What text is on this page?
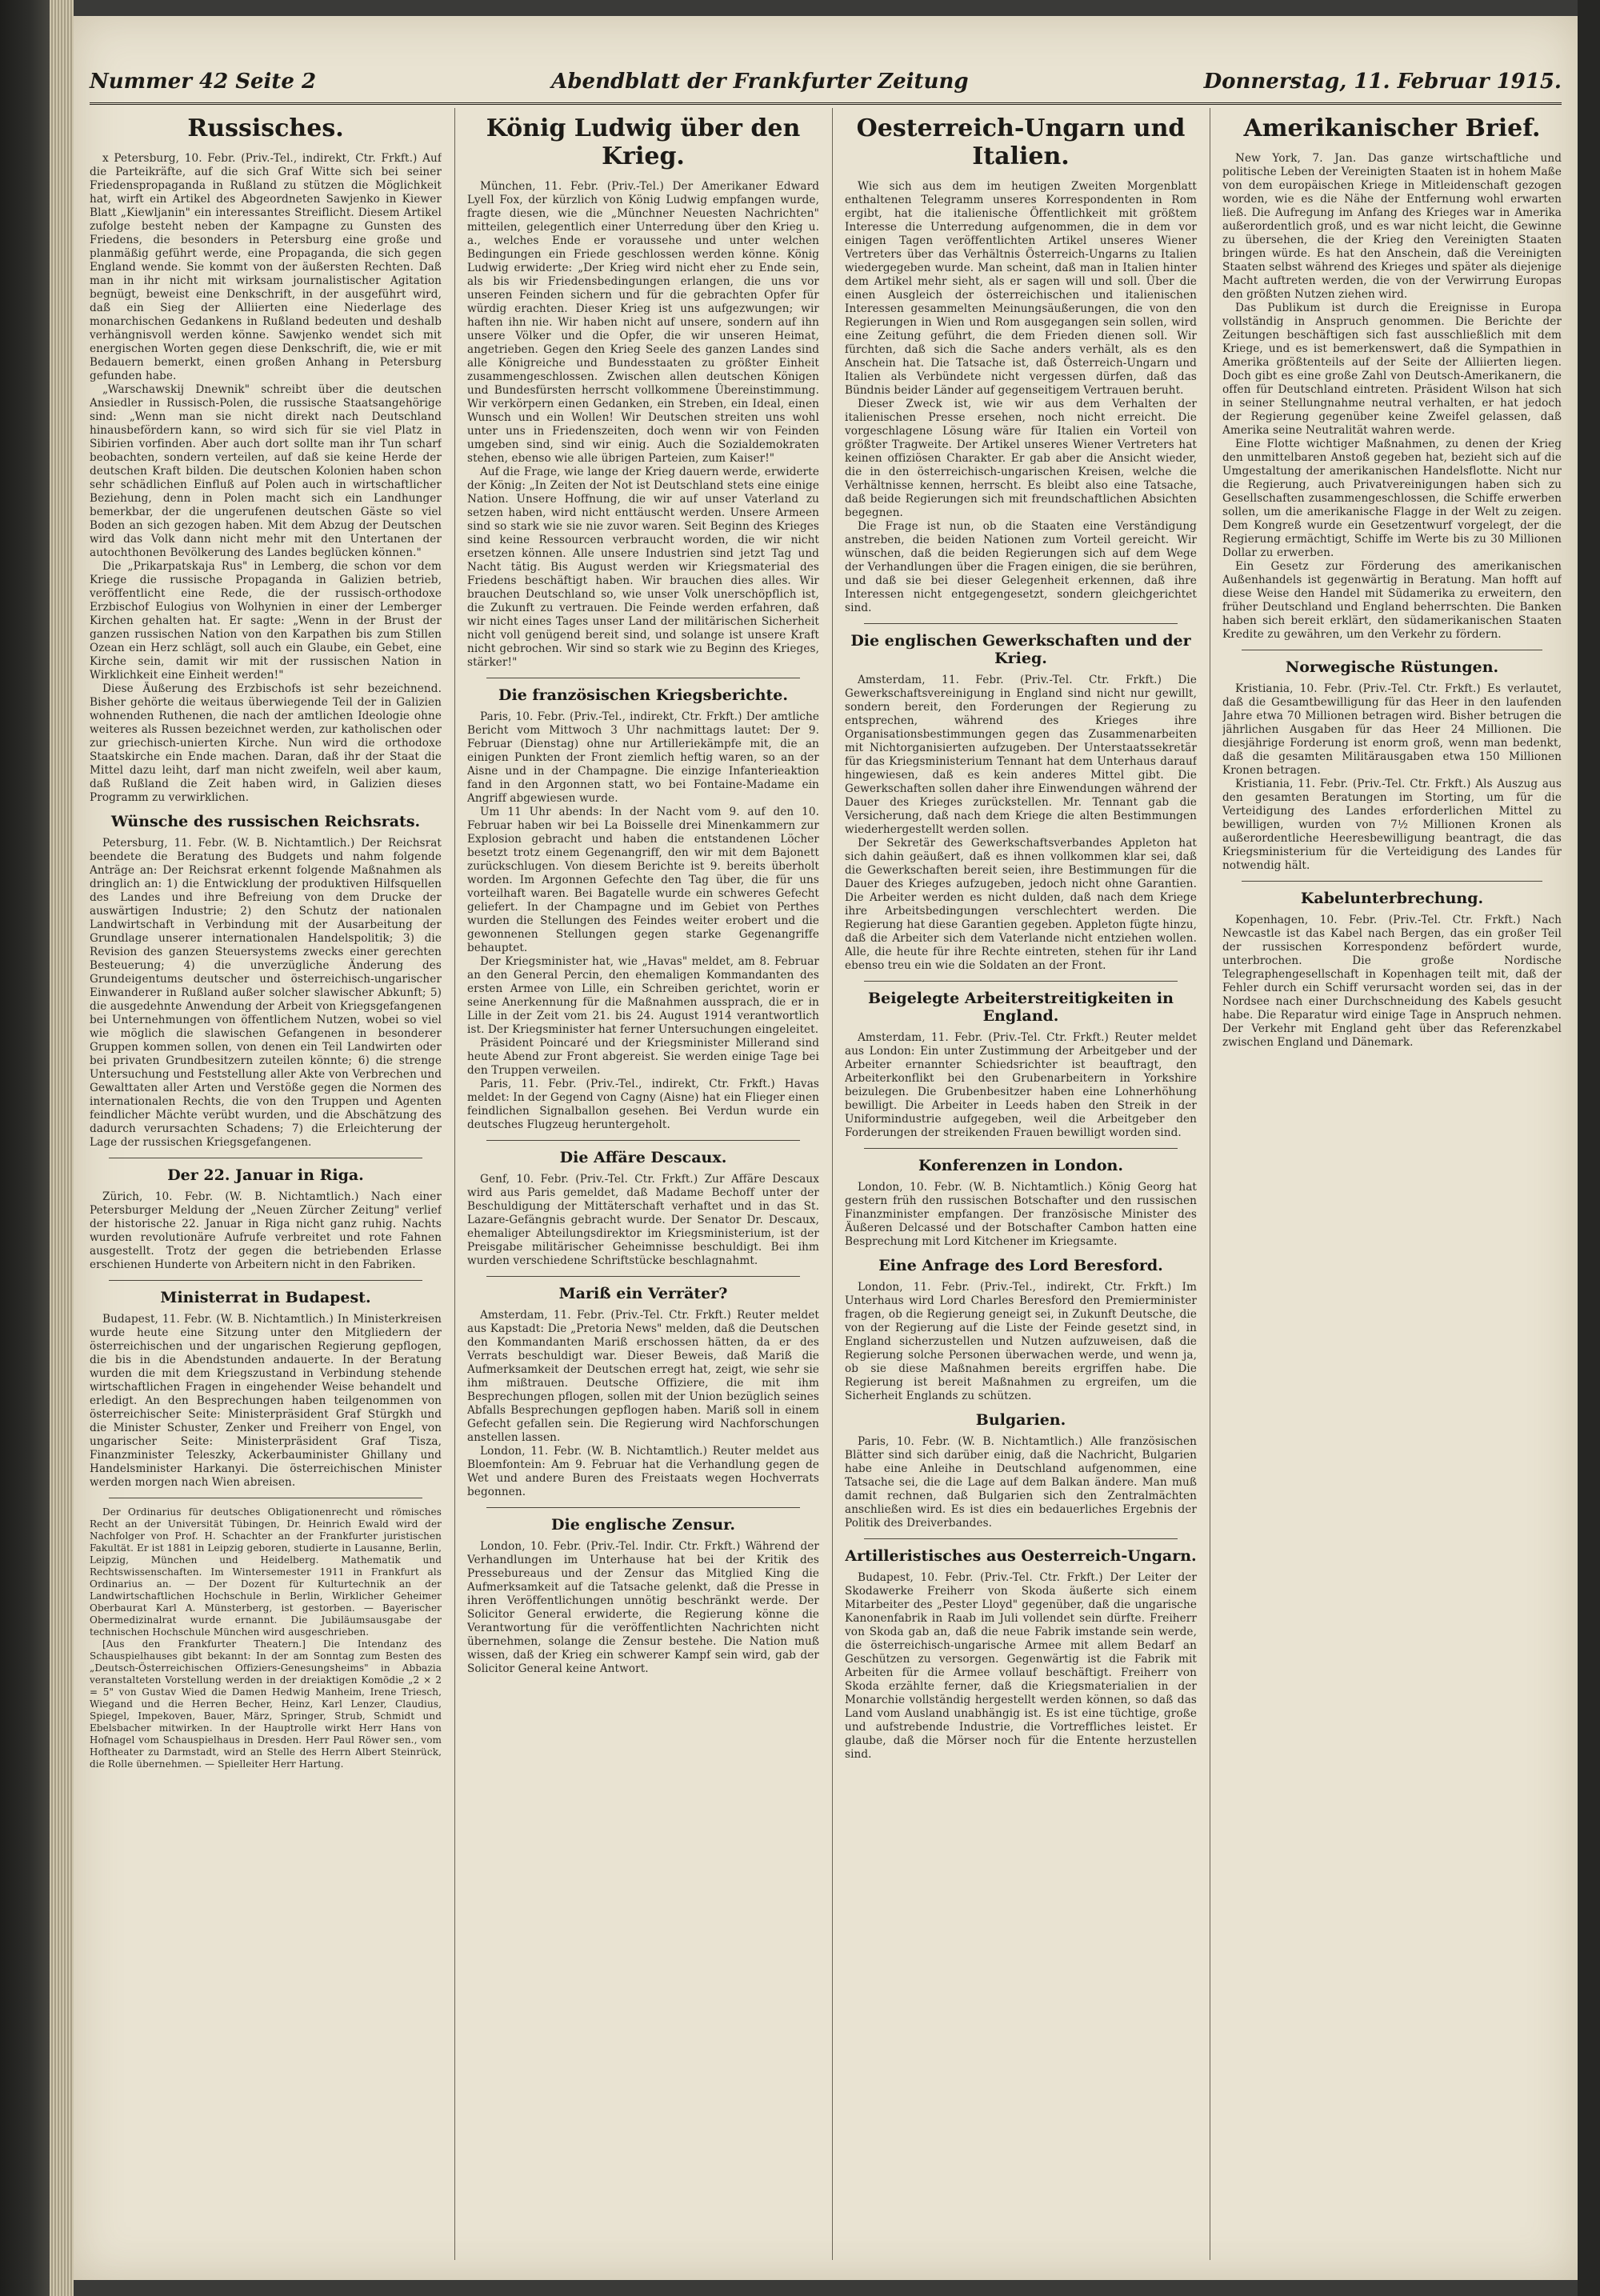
Nummer 42 Seite 2	Abendblatt der Frankfurter Zeitung	Donnerstag, 11. Februar 1915.
Russisches.

x Petersburg, 10. Febr. (Priv.-Tel., indirekt, Ctr. Frkft.) Auf die Parteikräfte, auf die sich Graf Witte sich bei seiner Friedenspropaganda in Rußland zu stützen die Möglichkeit hat, wirft ein Artikel des Abgeordneten Sawjenko in Kiewer Blatt „Kiewljanin" ein interessantes Streiflicht. Diesem Artikel zufolge besteht neben der Kampagne zu Gunsten des Friedens, die besonders in Petersburg eine große und planmäßig geführt werde, eine Propaganda, die sich gegen England wende. Sie kommt von der äußersten Rechten. Daß man in ihr nicht mit wirksam journalistischer Agitation begnügt, beweist eine Denkschrift, in der ausgeführt wird, daß ein Sieg der Alliierten eine Niederlage des monarchischen Gedankens in Rußland bedeuten und deshalb verhängnisvoll werden könne. Sawjenko wendet sich mit energischen Worten gegen diese Denkschrift, die, wie er mit Bedauern bemerkt, einen großen Anhang in Petersburg gefunden habe.

„Warschawskij Dnewnik" schreibt über die deutschen Ansiedler in Russisch-Polen, die russische Staatsangehörige sind: „Wenn man sie nicht direkt nach Deutschland hinausbefördern kann, so wird sich für sie viel Platz in Sibirien vorfinden. Aber auch dort sollte man ihr Tun scharf beobachten, sondern verteilen, auf daß sie keine Herde der deutschen Kraft bilden. Die deutschen Kolonien haben schon sehr schädlichen Einfluß auf Polen auch in wirtschaftlicher Beziehung, denn in Polen macht sich ein Landhunger bemerkbar, der die ungerufenen deutschen Gäste so viel Boden an sich gezogen haben. Mit dem Abzug der Deutschen wird das Volk dann nicht mehr mit den Untertanen der autochthonen Bevölkerung des Landes beglücken können."

Die „Prikarpatskaja Rus" in Lemberg, die schon vor dem Kriege die russische Propaganda in Galizien betrieb, veröffentlicht eine Rede, die der russisch-orthodoxe Erzbischof Eulogius von Wolhynien in einer der Lemberger Kirchen gehalten hat. Er sagte: „Wenn in der Brust der ganzen russischen Nation von den Karpathen bis zum Stillen Ozean ein Herz schlägt, soll auch ein Glaube, ein Gebet, eine Kirche sein, damit wir mit der russischen Nation in Wirklichkeit eine Einheit werden!"

Diese Äußerung des Erzbischofs ist sehr bezeichnend. Bisher gehörte die weitaus überwiegende Teil der in Galizien wohnenden Ruthenen, die nach der amtlichen Ideologie ohne weiteres als Russen bezeichnet werden, zur katholischen oder zur griechisch-unierten Kirche. Nun wird die orthodoxe Staatskirche ein Ende machen. Daran, daß ihr der Staat die Mittel dazu leiht, darf man nicht zweifeln, weil aber kaum, daß Rußland die Zeit haben wird, in Galizien dieses Programm zu verwirklichen.

Wünsche des russischen Reichsrats.

Petersburg, 11. Febr. (W. B. Nichtamtlich.) Der Reichsrat beendete die Beratung des Budgets und nahm folgende Anträge an: Der Reichsrat erkennt folgende Maßnahmen als dringlich an: 1) die Entwicklung der produktiven Hilfsquellen des Landes und ihre Befreiung von dem Drucke der auswärtigen Industrie; 2) den Schutz der nationalen Landwirtschaft in Verbindung mit der Ausarbeitung der Grundlage unserer internationalen Handelspolitik; 3) die Revision des ganzen Steuersystems zwecks einer gerechten Besteuerung; 4) die unverzügliche Änderung des Grundeigentums deutscher und österreichisch-ungarischer Einwanderer in Rußland außer solcher slawischer Abkunft; 5) die ausgedehnte Anwendung der Arbeit von Kriegsgefangenen bei Unternehmungen von öffentlichem Nutzen, wobei so viel wie möglich die slawischen Gefangenen in besonderer Gruppen kommen sollen, von denen ein Teil Landwirten oder bei privaten Grundbesitzern zuteilen könnte; 6) die strenge Untersuchung und Feststellung aller Akte von Verbrechen und Gewalttaten aller Arten und Verstöße gegen die Normen des internationalen Rechts, die von den Truppen und Agenten feindlicher Mächte verübt wurden, und die Abschätzung des dadurch verursachten Schadens; 7) die Erleichterung der Lage der russischen Kriegsgefangenen.

Der 22. Januar in Riga.

Zürich, 10. Febr. (W. B. Nichtamtlich.) Nach einer Petersburger Meldung der „Neuen Zürcher Zeitung" verlief der historische 22. Januar in Riga nicht ganz ruhig. Nachts wurden revolutionäre Aufrufe verbreitet und rote Fahnen ausgestellt. Trotz der gegen die betriebenden Erlasse erschienen Hunderte von Arbeitern nicht in den Fabriken.

Ministerrat in Budapest.

Budapest, 11. Febr. (W. B. Nichtamtlich.) In Ministerkreisen wurde heute eine Sitzung unter den Mitgliedern der österreichischen und der ungarischen Regierung gepflogen, die bis in die Abendstunden andauerte. In der Beratung wurden die mit dem Kriegszustand in Verbindung stehende wirtschaftlichen Fragen in eingehender Weise behandelt und erledigt. An den Besprechungen haben teilgenommen von österreichischer Seite: Ministerpräsident Graf Stürgkh und die Minister Schuster, Zenker und Freiherr von Engel, von ungarischer Seite: Ministerpräsident Graf Tisza, Finanzminister Teleszky, Ackerbauminister Ghillany und Handelsminister Harkanyi. Die österreichischen Minister werden morgen nach Wien abreisen.

Der Ordinarius für deutsches Obligationenrecht und römisches Recht an der Universität Tübingen, Dr. Heinrich Ewald wird der Nachfolger von Prof. H. Schachter an der Frankfurter juristischen Fakultät. Er ist 1881 in Leipzig geboren, studierte in Lausanne, Berlin, Leipzig, München und Heidelberg. Mathematik und Rechtswissenschaften. Im Wintersemester 1911 in Frankfurt als Ordinarius an. — Der Dozent für Kulturtechnik an der Landwirtschaftlichen Hochschule in Berlin, Wirklicher Geheimer Oberbaurat Karl A. Münsterberg, ist gestorben. — Bayerischer Obermedizinalrat wurde ernannt. Die Jubiläumsausgabe der technischen Hochschule München wird ausgeschrieben.

[Aus den Frankfurter Theatern.] Die Intendanz des Schauspielhauses gibt bekannt: In der am Sonntag zum Besten des „Deutsch-Österreichischen Offiziers-Genesungsheims" in Abbazia veranstalteten Vorstellung werden in der dreiaktigen Komödie „2 × 2 = 5" von Gustav Wied die Damen Hedwig Manheim, Irene Triesch, Wiegand und die Herren Becher, Heinz, Karl Lenzer, Claudius, Spiegel, Impekoven, Bauer, März, Springer, Strub, Schmidt und Ebelsbacher mitwirken. In der Hauptrolle wirkt Herr Hans von Hofnagel vom Schauspielhaus in Dresden. Herr Paul Röwer sen., vom Hoftheater zu Darmstadt, wird an Stelle des Herrn Albert Steinrück, die Rolle übernehmen. — Spielleiter Herr Hartung.

König Ludwig über den Krieg.

München, 11. Febr. (Priv.-Tel.) Der Amerikaner Edward Lyell Fox, der kürzlich von König Ludwig empfangen wurde, fragte diesen, wie die „Münchner Neuesten Nachrichten" mitteilen, gelegentlich einer Unterredung über den Krieg u. a., welches Ende er voraussehe und unter welchen Bedingungen ein Friede geschlossen werden könne. König Ludwig erwiderte: „Der Krieg wird nicht eher zu Ende sein, als bis wir Friedensbedingungen erlangen, die uns vor unseren Feinden sichern und für die gebrachten Opfer für würdig erachten. Dieser Krieg ist uns aufgezwungen; wir haften ihn nie. Wir haben nicht auf unsere, sondern auf ihn unsere Völker und die Opfer, die wir unseren Heimat, angetrieben. Gegen den Krieg Seele des ganzen Landes sind alle Königreiche und Bundesstaaten zu größter Einheit zusammengeschlossen. Zwischen allen deutschen Königen und Bundesfürsten herrscht vollkommene Übereinstimmung. Wir verkörpern einen Gedanken, ein Streben, ein Ideal, einen Wunsch und ein Wollen! Wir Deutschen streiten uns wohl unter uns in Friedenszeiten, doch wenn wir von Feinden umgeben sind, sind wir einig. Auch die Sozialdemokraten stehen, ebenso wie alle übrigen Parteien, zum Kaiser!"

Auf die Frage, wie lange der Krieg dauern werde, erwiderte der König: „In Zeiten der Not ist Deutschland stets eine einige Nation. Unsere Hoffnung, die wir auf unser Vaterland zu setzen haben, wird nicht enttäuscht werden. Unsere Armeen sind so stark wie sie nie zuvor waren. Seit Beginn des Krieges sind keine Ressourcen verbraucht worden, die wir nicht ersetzen können. Alle unsere Industrien sind jetzt Tag und Nacht tätig. Bis August werden wir Kriegsmaterial des Friedens beschäftigt haben. Wir brauchen dies alles. Wir brauchen Deutschland so, wie unser Volk unerschöpflich ist, die Zukunft zu vertrauen. Die Feinde werden erfahren, daß wir nicht eines Tages unser Land der militärischen Sicherheit nicht voll genügend bereit sind, und solange ist unsere Kraft nicht gebrochen. Wir sind so stark wie zu Beginn des Krieges, stärker!"

Die französischen Kriegsberichte.

Paris, 10. Febr. (Priv.-Tel., indirekt, Ctr. Frkft.) Der amtliche Bericht vom Mittwoch 3 Uhr nachmittags lautet: Der 9. Februar (Dienstag) ohne nur Artilleriekämpfe mit, die an einigen Punkten der Front ziemlich heftig waren, so an der Aisne und in der Champagne. Die einzige Infanterieaktion fand in den Argonnen statt, wo bei Fontaine-Madame ein Angriff abgewiesen wurde.

Um 11 Uhr abends: In der Nacht vom 9. auf den 10. Februar haben wir bei La Boisselle drei Minenkammern zur Explosion gebracht und haben die entstandenen Löcher besetzt trotz einem Gegenangriff, den wir mit dem Bajonett zurückschlugen. Von diesem Berichte ist 9. bereits überholt worden. Im Argonnen Gefechte den Tag über, die für uns vorteilhaft waren. Bei Bagatelle wurde ein schweres Gefecht geliefert. In der Champagne und im Gebiet von Perthes wurden die Stellungen des Feindes weiter erobert und die gewonnenen Stellungen gegen starke Gegenangriffe behauptet.

Der Kriegsminister hat, wie „Havas" meldet, am 8. Februar an den General Percin, den ehemaligen Kommandanten des ersten Armee von Lille, ein Schreiben gerichtet, worin er seine Anerkennung für die Maßnahmen aussprach, die er in Lille in der Zeit vom 21. bis 24. August 1914 verantwortlich ist. Der Kriegsminister hat ferner Untersuchungen eingeleitet.

Präsident Poincaré und der Kriegsminister Millerand sind heute Abend zur Front abgereist. Sie werden einige Tage bei den Truppen verweilen.

Paris, 11. Febr. (Priv.-Tel., indirekt, Ctr. Frkft.) Havas meldet: In der Gegend von Cagny (Aisne) hat ein Flieger einen feindlichen Signalballon gesehen. Bei Verdun wurde ein deutsches Flugzeug heruntergeholt.

Die Affäre Descaux.

Genf, 10. Febr. (Priv.-Tel. Ctr. Frkft.) Zur Affäre Descaux wird aus Paris gemeldet, daß Madame Bechoff unter der Beschuldigung der Mittäterschaft verhaftet und in das St. Lazare-Gefängnis gebracht wurde. Der Senator Dr. Descaux, ehemaliger Abteilungsdirektor im Kriegsministerium, ist der Preisgabe militärischer Geheimnisse beschuldigt. Bei ihm wurden verschiedene Schriftstücke beschlagnahmt.

Mariß ein Verräter?

Amsterdam, 11. Febr. (Priv.-Tel. Ctr. Frkft.) Reuter meldet aus Kapstadt: Die „Pretoria News" melden, daß die Deutschen den Kommandanten Mariß erschossen hätten, da er des Verrats beschuldigt war. Dieser Beweis, daß Mariß die Aufmerksamkeit der Deutschen erregt hat, zeigt, wie sehr sie ihm mißtrauen. Deutsche Offiziere, die mit ihm Besprechungen pflogen, sollen mit der Union bezüglich seines Abfalls Besprechungen gepflogen haben. Mariß soll in einem Gefecht gefallen sein. Die Regierung wird Nachforschungen anstellen lassen.

London, 11. Febr. (W. B. Nichtamtlich.) Reuter meldet aus Bloemfontein: Am 9. Februar hat die Verhandlung gegen de Wet und andere Buren des Freistaats wegen Hochverrats begonnen.

Die englische Zensur.

London, 10. Febr. (Priv.-Tel. Indir. Ctr. Frkft.) Während der Verhandlungen im Unterhause hat bei der Kritik des Pressebureaus und der Zensur das Mitglied King die Aufmerksamkeit auf die Tatsache gelenkt, daß die Presse in ihren Veröffentlichungen unnötig beschränkt werde. Der Solicitor General erwiderte, die Regierung könne die Verantwortung für die veröffentlichten Nachrichten nicht übernehmen, solange die Zensur bestehe. Die Nation muß wissen, daß der Krieg ein schwerer Kampf sein wird, gab der Solicitor General keine Antwort.

Oesterreich-Ungarn und Italien.

Wie sich aus dem im heutigen Zweiten Morgenblatt enthaltenen Telegramm unseres Korrespondenten in Rom ergibt, hat die italienische Öffentlichkeit mit größtem Interesse die Unterredung aufgenommen, die in dem vor einigen Tagen veröffentlichten Artikel unseres Wiener Vertreters über das Verhältnis Österreich-Ungarns zu Italien wiedergegeben wurde. Man scheint, daß man in Italien hinter dem Artikel mehr sieht, als er sagen will und soll. Über die einen Ausgleich der österreichischen und italienischen Interessen gesammelten Meinungsäußerungen, die von den Regierungen in Wien und Rom ausgegangen sein sollen, wird eine Zeitung geführt, die dem Frieden dienen soll. Wir fürchten, daß sich die Sache anders verhält, als es den Anschein hat. Die Tatsache ist, daß Österreich-Ungarn und Italien als Verbündete nicht vergessen dürfen, daß das Bündnis beider Länder auf gegenseitigem Vertrauen beruht.

Dieser Zweck ist, wie wir aus dem Verhalten der italienischen Presse ersehen, noch nicht erreicht. Die vorgeschlagene Lösung wäre für Italien ein Vorteil von größter Tragweite. Der Artikel unseres Wiener Vertreters hat keinen offiziösen Charakter. Er gab aber die Ansicht wieder, die in den österreichisch-ungarischen Kreisen, welche die Verhältnisse kennen, herrscht. Es bleibt also eine Tatsache, daß beide Regierungen sich mit freundschaftlichen Absichten begegnen.

Die Frage ist nun, ob die Staaten eine Verständigung anstreben, die beiden Nationen zum Vorteil gereicht. Wir wünschen, daß die beiden Regierungen sich auf dem Wege der Verhandlungen über die Fragen einigen, die sie berühren, und daß sie bei dieser Gelegenheit erkennen, daß ihre Interessen nicht entgegengesetzt, sondern gleichgerichtet sind.

Die englischen Gewerkschaften und der Krieg.

Amsterdam, 11. Febr. (Priv.-Tel. Ctr. Frkft.) Die Gewerkschaftsvereinigung in England sind nicht nur gewillt, sondern bereit, den Forderungen der Regierung zu entsprechen, während des Krieges ihre Organisationsbestimmungen gegen das Zusammenarbeiten mit Nichtorganisierten aufzugeben. Der Unterstaatssekretär für das Kriegsministerium Tennant hat dem Unterhaus darauf hingewiesen, daß es kein anderes Mittel gibt. Die Gewerkschaften sollen daher ihre Einwendungen während der Dauer des Krieges zurückstellen. Mr. Tennant gab die Versicherung, daß nach dem Kriege die alten Bestimmungen wiederhergestellt werden sollen.

Der Sekretär des Gewerkschaftsverbandes Appleton hat sich dahin geäußert, daß es ihnen vollkommen klar sei, daß die Gewerkschaften bereit seien, ihre Bestimmungen für die Dauer des Krieges aufzugeben, jedoch nicht ohne Garantien. Die Arbeiter werden es nicht dulden, daß nach dem Kriege ihre Arbeitsbedingungen verschlechtert werden. Die Regierung hat diese Garantien gegeben. Appleton fügte hinzu, daß die Arbeiter sich dem Vaterlande nicht entziehen wollen. Alle, die heute für ihre Rechte eintreten, stehen für ihr Land ebenso treu ein wie die Soldaten an der Front.

Beigelegte Arbeiterstreitigkeiten in England.

Amsterdam, 11. Febr. (Priv.-Tel. Ctr. Frkft.) Reuter meldet aus London: Ein unter Zustimmung der Arbeitgeber und der Arbeiter ernannter Schiedsrichter ist beauftragt, den Arbeiterkonflikt bei den Grubenarbeitern in Yorkshire beizulegen. Die Grubenbesitzer haben eine Lohnerhöhung bewilligt. Die Arbeiter in Leeds haben den Streik in der Uniformindustrie aufgegeben, weil die Arbeitgeber den Forderungen der streikenden Frauen bewilligt worden sind.

Konferenzen in London.

London, 10. Febr. (W. B. Nichtamtlich.) König Georg hat gestern früh den russischen Botschafter und den russischen Finanzminister empfangen. Der französische Minister des Äußeren Delcassé und der Botschafter Cambon hatten eine Besprechung mit Lord Kitchener im Kriegsamte.

Eine Anfrage des Lord Beresford.

London, 11. Febr. (Priv.-Tel., indirekt, Ctr. Frkft.) Im Unterhaus wird Lord Charles Beresford den Premierminister fragen, ob die Regierung geneigt sei, in Zukunft Deutsche, die von der Regierung auf die Liste der Feinde gesetzt sind, in England sicherzustellen und Nutzen aufzuweisen, daß die Regierung solche Personen überwachen werde, und wenn ja, ob sie diese Maßnahmen bereits ergriffen habe. Die Regierung ist bereit Maßnahmen zu ergreifen, um die Sicherheit Englands zu schützen.

Bulgarien.

Paris, 10. Febr. (W. B. Nichtamtlich.) Alle französischen Blätter sind sich darüber einig, daß die Nachricht, Bulgarien habe eine Anleihe in Deutschland aufgenommen, eine Tatsache sei, die die Lage auf dem Balkan ändere. Man muß damit rechnen, daß Bulgarien sich den Zentralmächten anschließen wird. Es ist dies ein bedauerliches Ergebnis der Politik des Dreiverbandes.

Artilleristisches aus Oesterreich-Ungarn.

Budapest, 10. Febr. (Priv.-Tel. Ctr. Frkft.) Der Leiter der Skodawerke Freiherr von Skoda äußerte sich einem Mitarbeiter des „Pester Lloyd" gegenüber, daß die ungarische Kanonenfabrik in Raab im Juli vollendet sein dürfte. Freiherr von Skoda gab an, daß die neue Fabrik imstande sein werde, die österreichisch-ungarische Armee mit allem Bedarf an Geschützen zu versorgen. Gegenwärtig ist die Fabrik mit Arbeiten für die Armee vollauf beschäftigt. Freiherr von Skoda erzählte ferner, daß die Kriegsmaterialien in der Monarchie vollständig hergestellt werden können, so daß das Land vom Ausland unabhängig ist. Es ist eine tüchtige, große und aufstrebende Industrie, die Vortreffliches leistet. Er glaube, daß die Mörser noch für die Entente herzustellen sind.

Amerikanischer Brief.

New York, 7. Jan. Das ganze wirtschaftliche und politische Leben der Vereinigten Staaten ist in hohem Maße von dem europäischen Kriege in Mitleidenschaft gezogen worden, wie es die Nähe der Entfernung wohl erwarten ließ. Die Aufregung im Anfang des Krieges war in Amerika außerordentlich groß, und es war nicht leicht, die Gewinne zu übersehen, die der Krieg den Vereinigten Staaten bringen würde. Es hat den Anschein, daß die Vereinigten Staaten selbst während des Krieges und später als diejenige Macht auftreten werden, die von der Verwirrung Europas den größten Nutzen ziehen wird.

Das Publikum ist durch die Ereignisse in Europa vollständig in Anspruch genommen. Die Berichte der Zeitungen beschäftigen sich fast ausschließlich mit dem Kriege, und es ist bemerkenswert, daß die Sympathien in Amerika größtenteils auf der Seite der Alliierten liegen. Doch gibt es eine große Zahl von Deutsch-Amerikanern, die offen für Deutschland eintreten. Präsident Wilson hat sich in seiner Stellungnahme neutral verhalten, er hat jedoch der Regierung gegenüber keine Zweifel gelassen, daß Amerika seine Neutralität wahren werde.

Eine Flotte wichtiger Maßnahmen, zu denen der Krieg den unmittelbaren Anstoß gegeben hat, bezieht sich auf die Umgestaltung der amerikanischen Handelsflotte. Nicht nur die Regierung, auch Privatvereinigungen haben sich zu Gesellschaften zusammengeschlossen, die Schiffe erwerben sollen, um die amerikanische Flagge in der Welt zu zeigen. Dem Kongreß wurde ein Gesetzentwurf vorgelegt, der die Regierung ermächtigt, Schiffe im Werte bis zu 30 Millionen Dollar zu erwerben.

Ein Gesetz zur Förderung des amerikanischen Außenhandels ist gegenwärtig in Beratung. Man hofft auf diese Weise den Handel mit Südamerika zu erweitern, den früher Deutschland und England beherrschten. Die Banken haben sich bereit erklärt, den südamerikanischen Staaten Kredite zu gewähren, um den Verkehr zu fördern.

Norwegische Rüstungen.

Kristiania, 10. Febr. (Priv.-Tel. Ctr. Frkft.) Es verlautet, daß die Gesamtbewilligung für das Heer in den laufenden Jahre etwa 70 Millionen betragen wird. Bisher betrugen die jährlichen Ausgaben für das Heer 24 Millionen. Die diesjährige Forderung ist enorm groß, wenn man bedenkt, daß die gesamten Militärausgaben etwa 150 Millionen Kronen betragen.

Kristiania, 11. Febr. (Priv.-Tel. Ctr. Frkft.) Als Auszug aus den gesamten Beratungen im Storting, um für die Verteidigung des Landes erforderlichen Mittel zu bewilligen, wurden von 7½ Millionen Kronen als außerordentliche Heeresbewilligung beantragt, die das Kriegsministerium für die Verteidigung des Landes für notwendig hält.

Kabelunterbrechung.

Kopenhagen, 10. Febr. (Priv.-Tel. Ctr. Frkft.) Nach Newcastle ist das Kabel nach Bergen, das ein großer Teil der russischen Korrespondenz befördert wurde, unterbrochen. Die große Nordische Telegraphengesellschaft in Kopenhagen teilt mit, daß der Fehler durch ein Schiff verursacht worden sei, das in der Nordsee nach einer Durchschneidung des Kabels gesucht habe. Die Reparatur wird einige Tage in Anspruch nehmen. Der Verkehr mit England geht über das Referenzkabel zwischen England und Dänemark.
